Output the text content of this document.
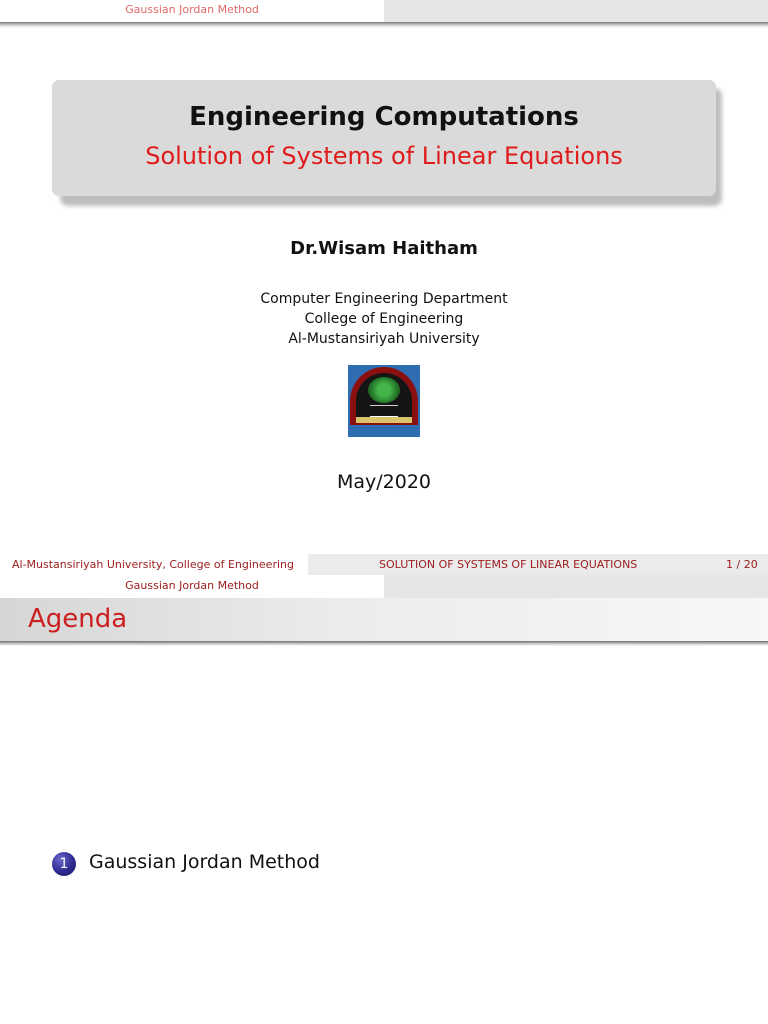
Gaussian Jordan Method
Engineering Computations
Solution of Systems of Linear Equations
Dr.Wisam Haitham
Computer Engineering Department
College of Engineering
Al-Mustansiriyah University
May/2020
Al-Mustansiriyah University, College of Engineering	SOLUTION OF SYSTEMS OF LINEAR EQUATIONS	1 / 20
Gaussian Jordan Method
Agenda
1	Gaussian Jordan Method
